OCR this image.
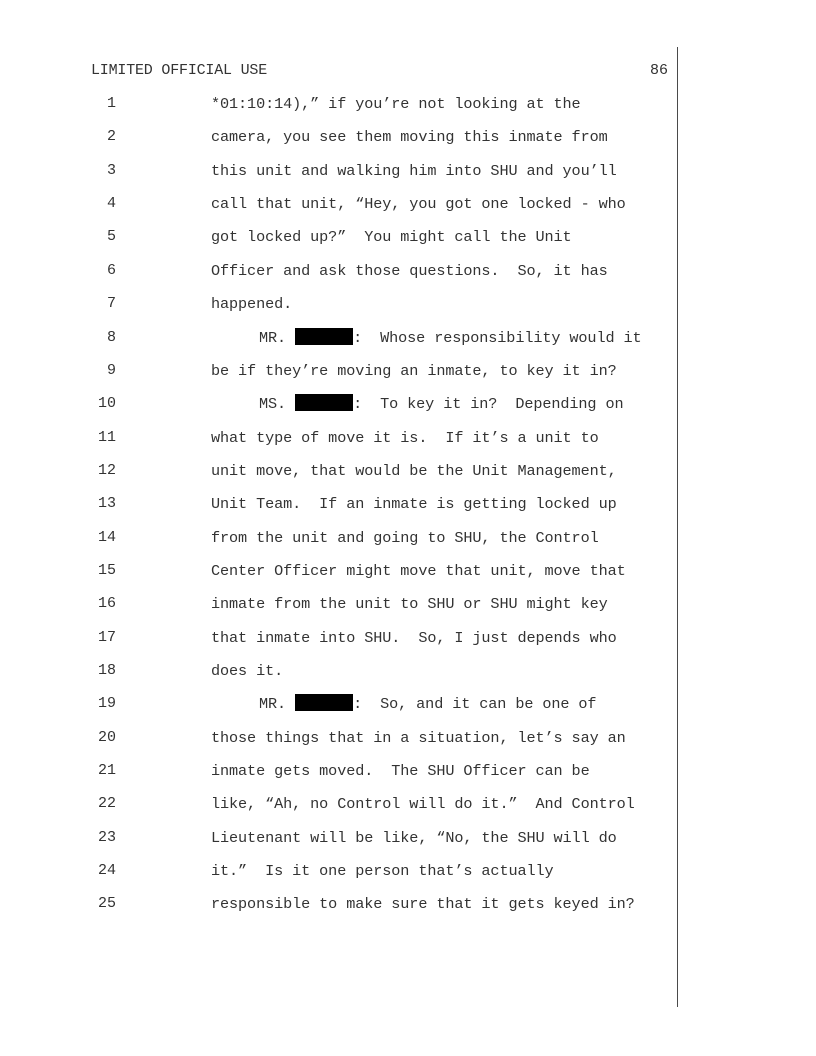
LIMITED OFFICIAL USE	86
1	*01:10:14),” if you’re not looking at the
2	camera, you see them moving this inmate from
3	this unit and walking him into SHU and you’ll
4	call that unit, “Hey, you got one locked - who
5	got locked up?”  You might call the Unit
6	Officer and ask those questions.  So, it has
7	happened.
8	MR.	:  Whose responsibility would it
9	be if they’re moving an inmate, to key it in?
10	MS.	:  To key it in?  Depending on
11	what type of move it is.  If it’s a unit to
12	unit move, that would be the Unit Management,
13	Unit Team.  If an inmate is getting locked up
14	from the unit and going to SHU, the Control
15	Center Officer might move that unit, move that
16	inmate from the unit to SHU or SHU might key
17	that inmate into SHU.  So, I just depends who
18	does it.
19	MR.	:  So, and it can be one of
20	those things that in a situation, let’s say an
21	inmate gets moved.  The SHU Officer can be
22	like, “Ah, no Control will do it.”  And Control
23	Lieutenant will be like, “No, the SHU will do
24	it.”  Is it one person that’s actually
25	responsible to make sure that it gets keyed in?
